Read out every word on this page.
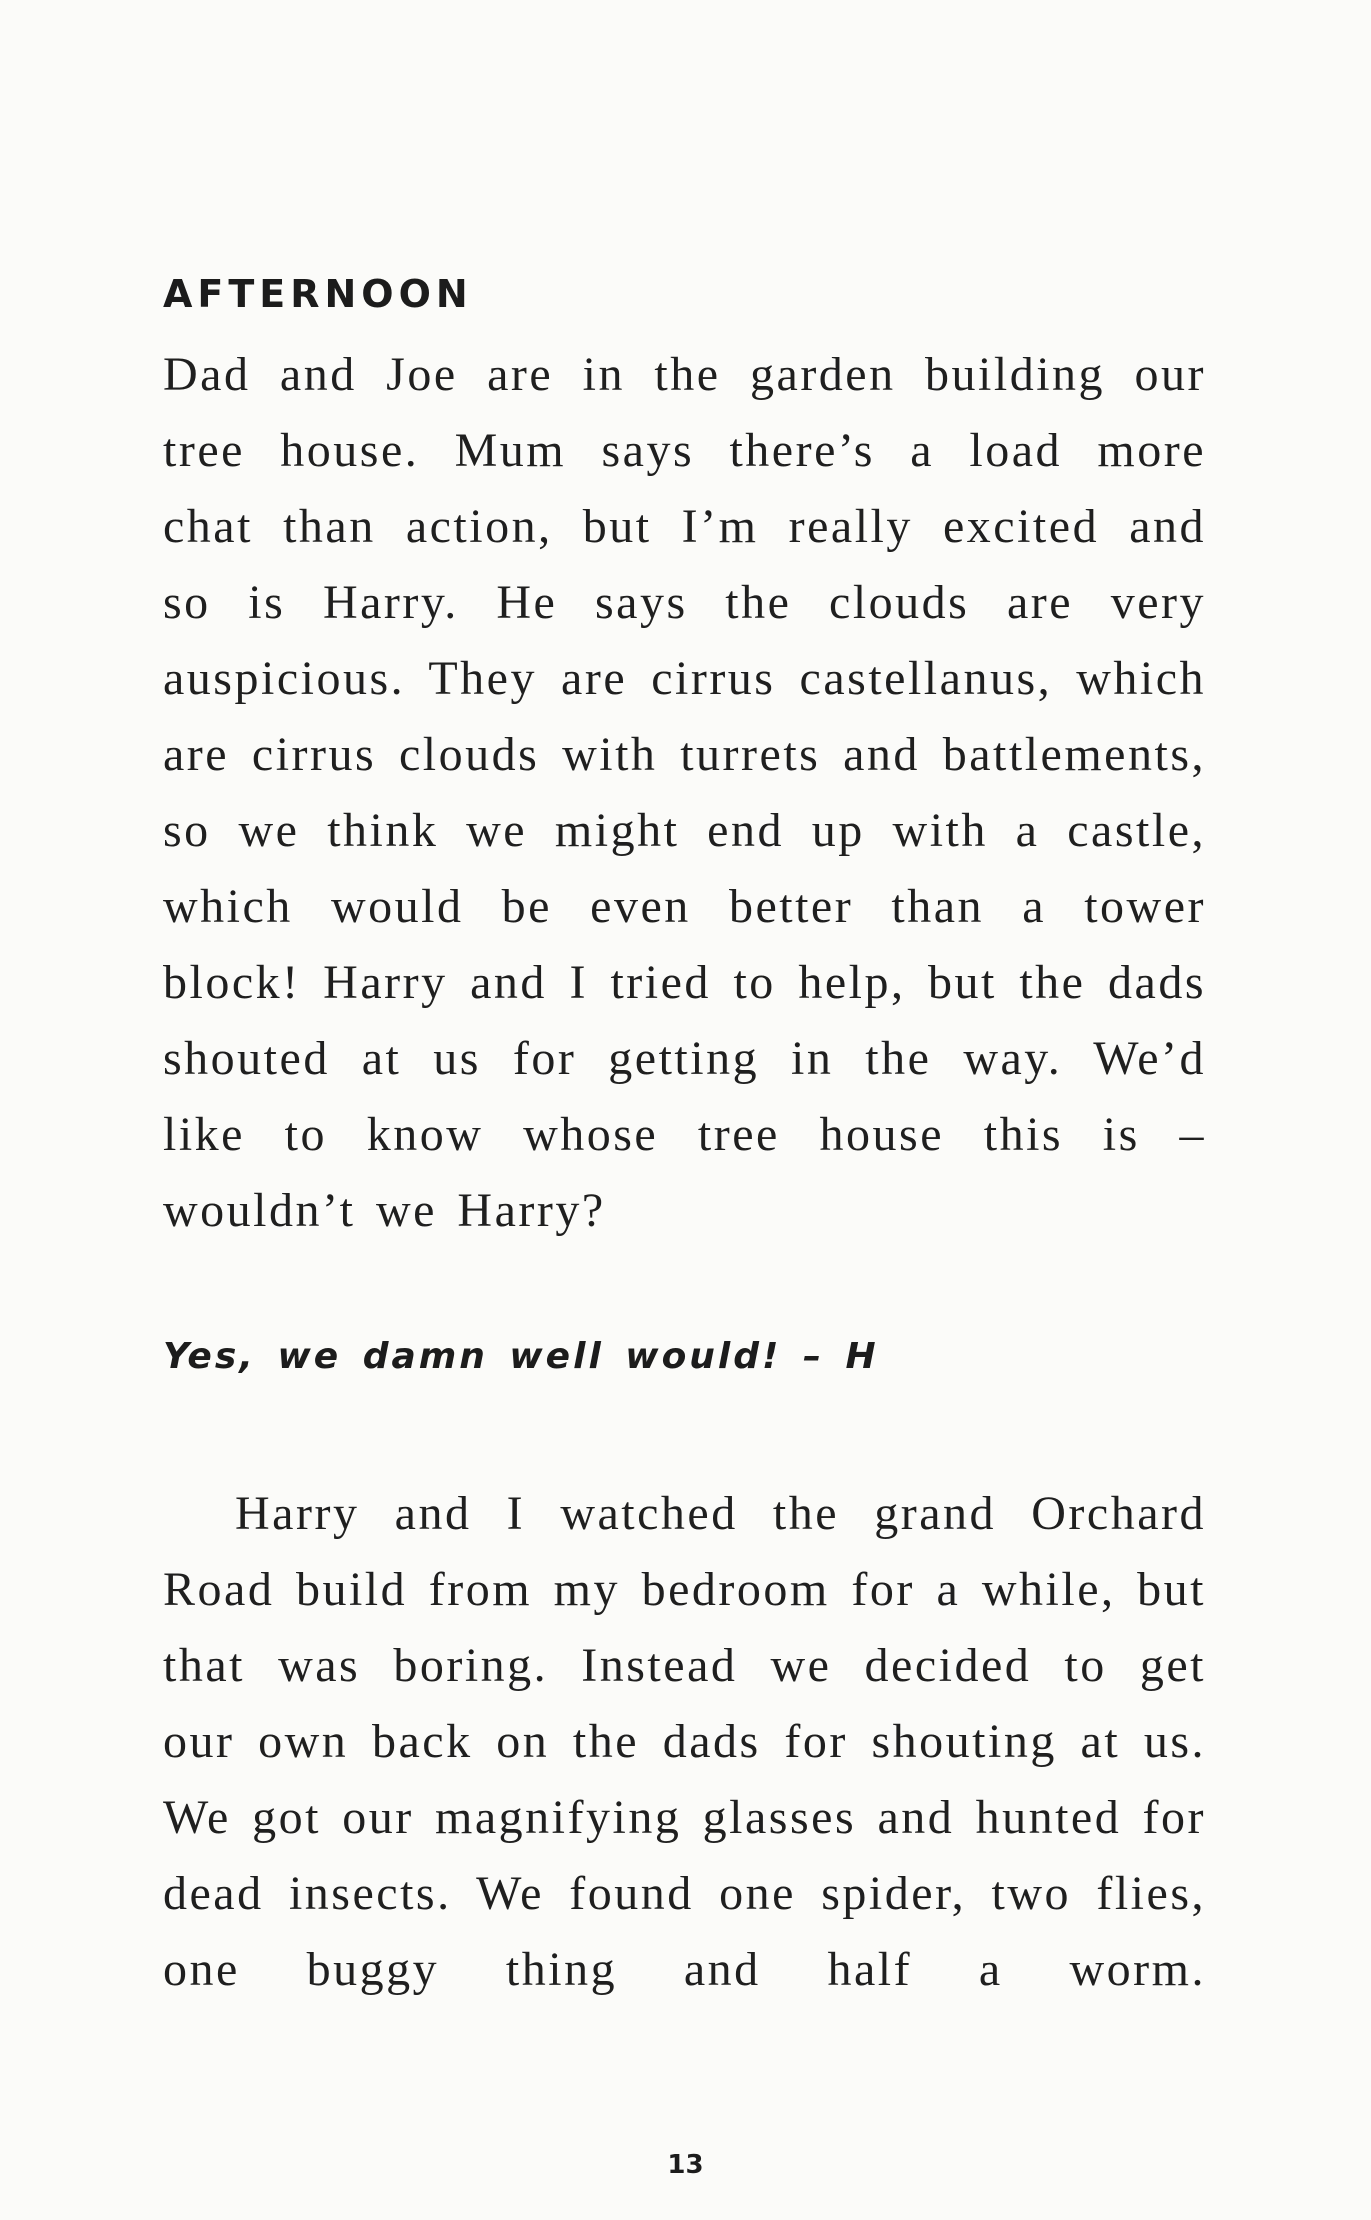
AFTERNOON

Dad and Joe are in the garden building our tree house. Mum says there’s a load more chat than action, but I’m really excited and so is Harry. He says the clouds are very auspicious. They are cirrus castellanus, which are cirrus clouds with turrets and battlements, so we think we might end up with a castle, which would be even better than a tower block! Harry and I tried to help, but the dads shouted at us for getting in the way. We’d like to know whose tree house this is – wouldn’t we Harry?

Yes, we damn well would! – H

Harry and I watched the grand Orchard Road build from my bedroom for a while, but that was boring. Instead we decided to get our own back on the dads for shouting at us. We got our magnifying glasses and hunted for dead insects. We found one spider, two flies, one buggy thing and half a worm.

13
